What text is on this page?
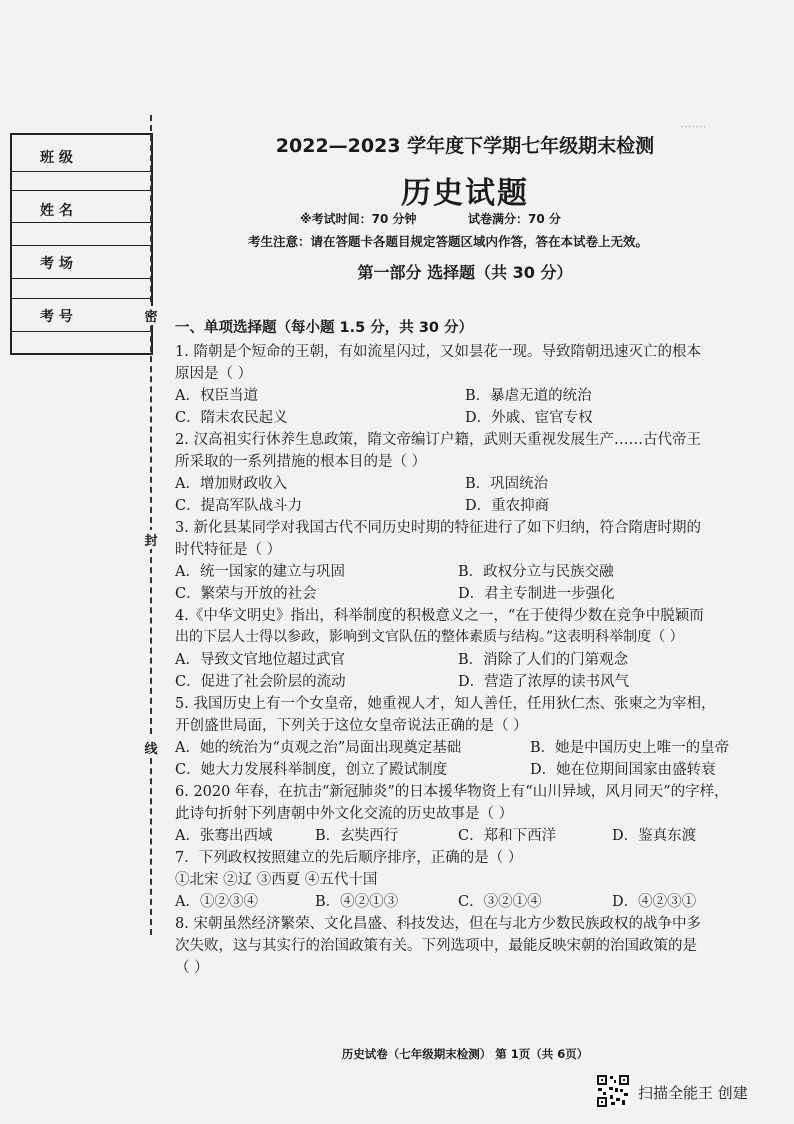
班 级
姓 名
考 场
考 号	密
封
线
·······
2022—2023 学年度下学期七年级期末检测
历史试题
※考试时间：70 分钟	试卷满分：70 分
考生注意：请在答题卡各题目规定答题区域内作答，答在本试卷上无效。
第一部分 选择题（共 30 分）
一、单项选择题（每小题 1.5 分，共 30 分）
1. 隋朝是个短命的王朝，有如流星闪过，又如昙花一现。导致隋朝迅速灭亡的根本
原因是（ ）
A．权臣当道	B．暴虐无道的统治
C．隋末农民起义	D．外戚、宦官专权
2. 汉高祖实行休养生息政策，隋文帝编订户籍，武则天重视发展生产……古代帝王
所采取的一系列措施的根本目的是（ ）
A．增加财政收入	B．巩固统治
C．提高军队战斗力	D．重农抑商
3. 新化县某同学对我国古代不同历史时期的特征进行了如下归纳，符合隋唐时期的
时代特征是（ ）
A．统一国家的建立与巩固	B．政权分立与民族交融
C．繁荣与开放的社会	D．君主专制进一步强化
4.《中华文明史》指出，科举制度的积极意义之一，“在于使得少数在竞争中脱颖而
出的下层人士得以参政，影响到文官队伍的整体素质与结构。”这表明科举制度（ ）
A．导致文官地位超过武官	B．消除了人们的门第观念
C．促进了社会阶层的流动	D．营造了浓厚的读书风气
5. 我国历史上有一个女皇帝，她重视人才，知人善任，任用狄仁杰、张柬之为宰相，
开创盛世局面，下列关于这位女皇帝说法正确的是（ ）
A．她的统治为“贞观之治”局面出现奠定基础	B．她是中国历史上唯一的皇帝
C．她大力发展科举制度，创立了殿试制度	D．她在位期间国家由盛转衰
6. 2020 年春，在抗击“新冠肺炎”的日本援华物资上有“山川异域，风月同天”的字样，
此诗句折射下列唐朝中外文化交流的历史故事是（ ）
A．张骞出西域	B．玄奘西行	C．郑和下西洋	D．鉴真东渡
7．下列政权按照建立的先后顺序排序，正确的是（ ）
①北宋 ②辽 ③西夏 ④五代十国
A．①②③④	B．④②①③	C．③②①④	D．④②③①
8. 宋朝虽然经济繁荣、文化昌盛、科技发达，但在与北方少数民族政权的战争中多
次失败，这与其实行的治国政策有关。下列选项中，最能反映宋朝的治国政策的是
（ ）
历史试卷（七年级期末检测） 第 1页（共 6页）
扫描全能王 创建
